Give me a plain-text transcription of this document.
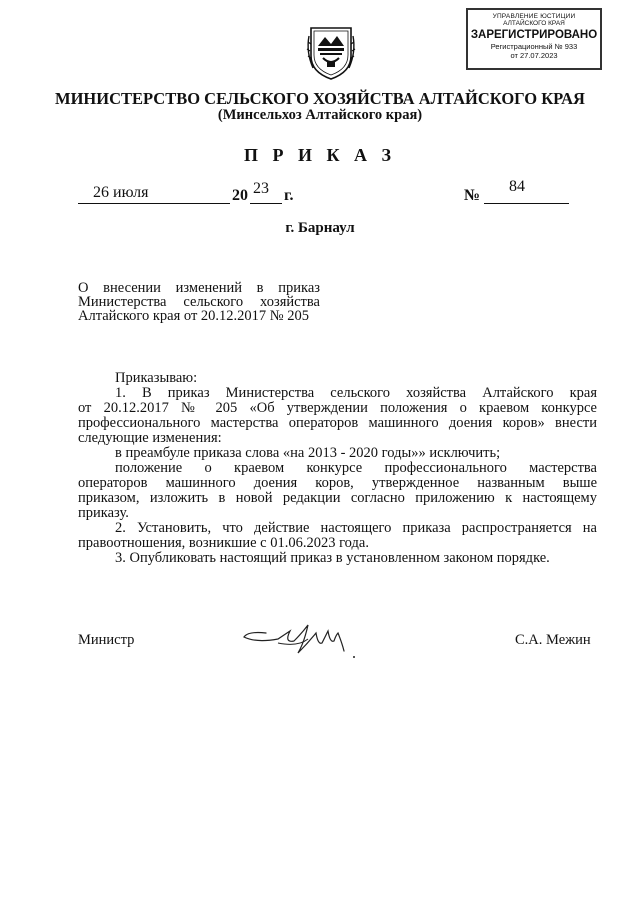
УПРАВЛЕНИЕ ЮСТИЦИИ
АЛТАЙСКОГО КРАЯ
ЗАРЕГИСТРИРОВАНО
Регистрационный № 933
от 27.07.2023
МИНИСТЕРСТВО СЕЛЬСКОГО ХОЗЯЙСТВА АЛТАЙСКОГО КРАЯ
(Минсельхоз Алтайского края)
П Р И К А З
26 июля	20 23 г.	№
84
г. Барнаул
О внесении изменений в приказ
Министерства сельского хозяйства
Алтайского края от 20.12.2017 № 205
Приказываю:
1. В приказ Министерства сельского хозяйства Алтайского края
от 20.12.2017 № 205 «Об утверждении положения о краевом конкурсе
профессионального мастерства операторов машинного доения коров» внести
следующие изменения:
в преамбуле приказа слова «на 2013 - 2020 годы»» исключить;
положение о краевом конкурсе профессионального мастерства
операторов машинного доения коров, утвержденное названным выше
приказом, изложить в новой редакции согласно приложению к настоящему
приказу.
2. Установить, что действие настоящего приказа распространяется на
правоотношения, возникшие с 01.06.2023 года.
3. Опубликовать настоящий приказ в установленном законом порядке.
Министр	С.А. Межин
